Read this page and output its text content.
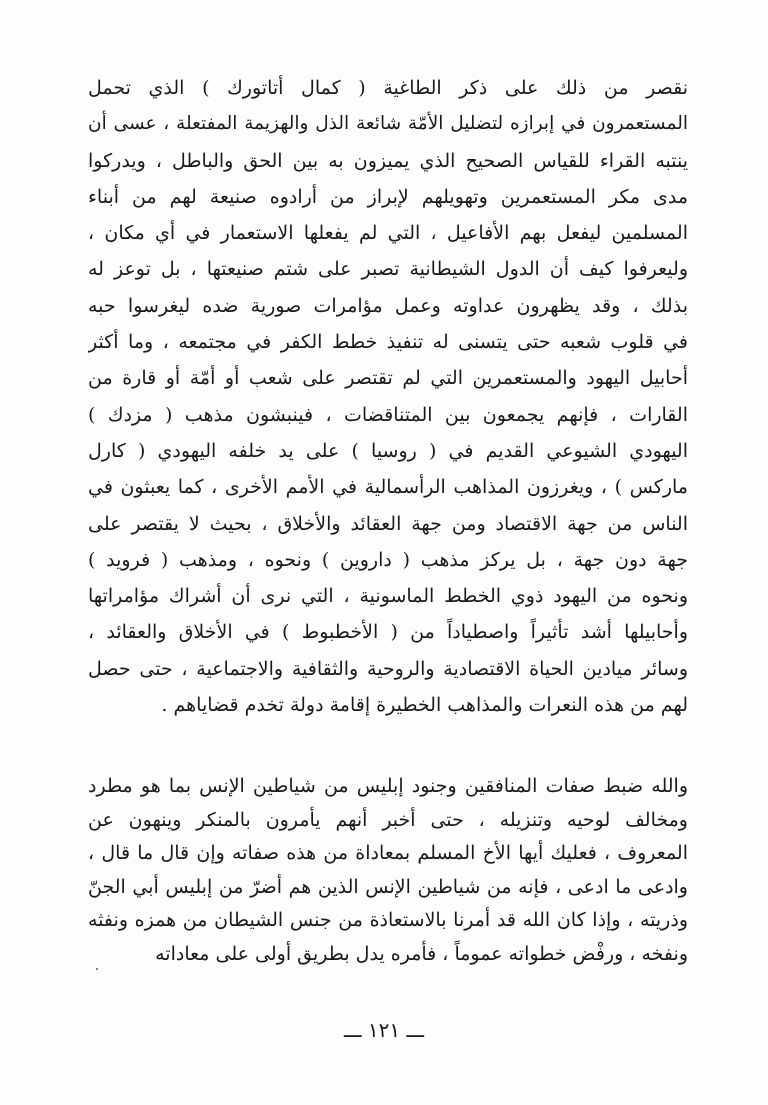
نقصر من ذلك على ذكر الطاغية ( كمال أتاتورك ) الذي تحمل
المستعمرون في إبرازه لتضليل الأمّة شائعة الذل والهزيمة المفتعلة ، عسى أن
ينتبه القراء للقياس الصحيح الذي يميزون به بين الحق والباطل ، ويدركوا
مدى مكر المستعمرين وتهويلهم لإبراز من أرادوه صنيعة لهم من أبناء
المسلمين ليفعل بهم الأفاعيل ، التي لم يفعلها الاستعمار في أي مكان ،
وليعرفوا كيف أن الدول الشيطانية تصبر على شتم صنيعتها ، بل توعز له
بذلك ، وقد يظهرون عداوته وعمل مؤامرات صورية ضده ليغرسوا حبه
في قلوب شعبه حتى يتسنى له تنفيذ خطط الكفر في مجتمعه ، وما أكثر
أحابيل اليهود والمستعمرين التي لم تقتصر على شعب أو أمّة أو قارة من
القارات ، فإنهم يجمعون بين المتناقضات ، فينبشون مذهب ( مزدك )
اليهودي الشيوعي القديم في ( روسيا ) على يد خلفه اليهودي ( كارل
ماركس ) ، ويغرزون المذاهب الرأسمالية في الأمم الأخرى ، كما يعبثون في
الناس من جهة الاقتصاد ومن جهة العقائد والأخلاق ، بحيث لا يقتصر على
جهة دون جهة ، بل يركز مذهب ( داروين ) ونحوه ، ومذهب ( فرويد )
ونحوه من اليهود ذوي الخطط الماسونية ، التي نرى أن أشراك مؤامراتها
وأحابيلها أشد تأثيراً واصطياداً من ( الأخطبوط ) في الأخلاق والعقائد ،
وسائر ميادين الحياة الاقتصادية والروحية والثقافية والاجتماعية ، حتى حصل
لهم من هذه النعرات والمذاهب الخطيرة إقامة دولة تخدم قضاياهم .
والله ضبط صفات المنافقين وجنود إبليس من شياطين الإنس بما هو مطرد
ومخالف لوحيه وتنزيله ، حتى أخبر أنهم يأمرون بالمنكر وينهون عن
المعروف ، فعليك أيها الأخ المسلم بمعاداة من هذه صفاته وإن قال ما قال ،
وادعى ما ادعى ، فإنه من شياطين الإنس الذين هم أضرّ من إبليس أبي الجنّ
وذريته ، وإذا كان الله قد أمرنا بالاستعاذة من جنس الشيطان من همزه ونفثه
ونفخه ، ورفْض خطواته عموماً ، فأمره يدل بطريق أولى على معاداته
ـــ ١٢١ ـــ
